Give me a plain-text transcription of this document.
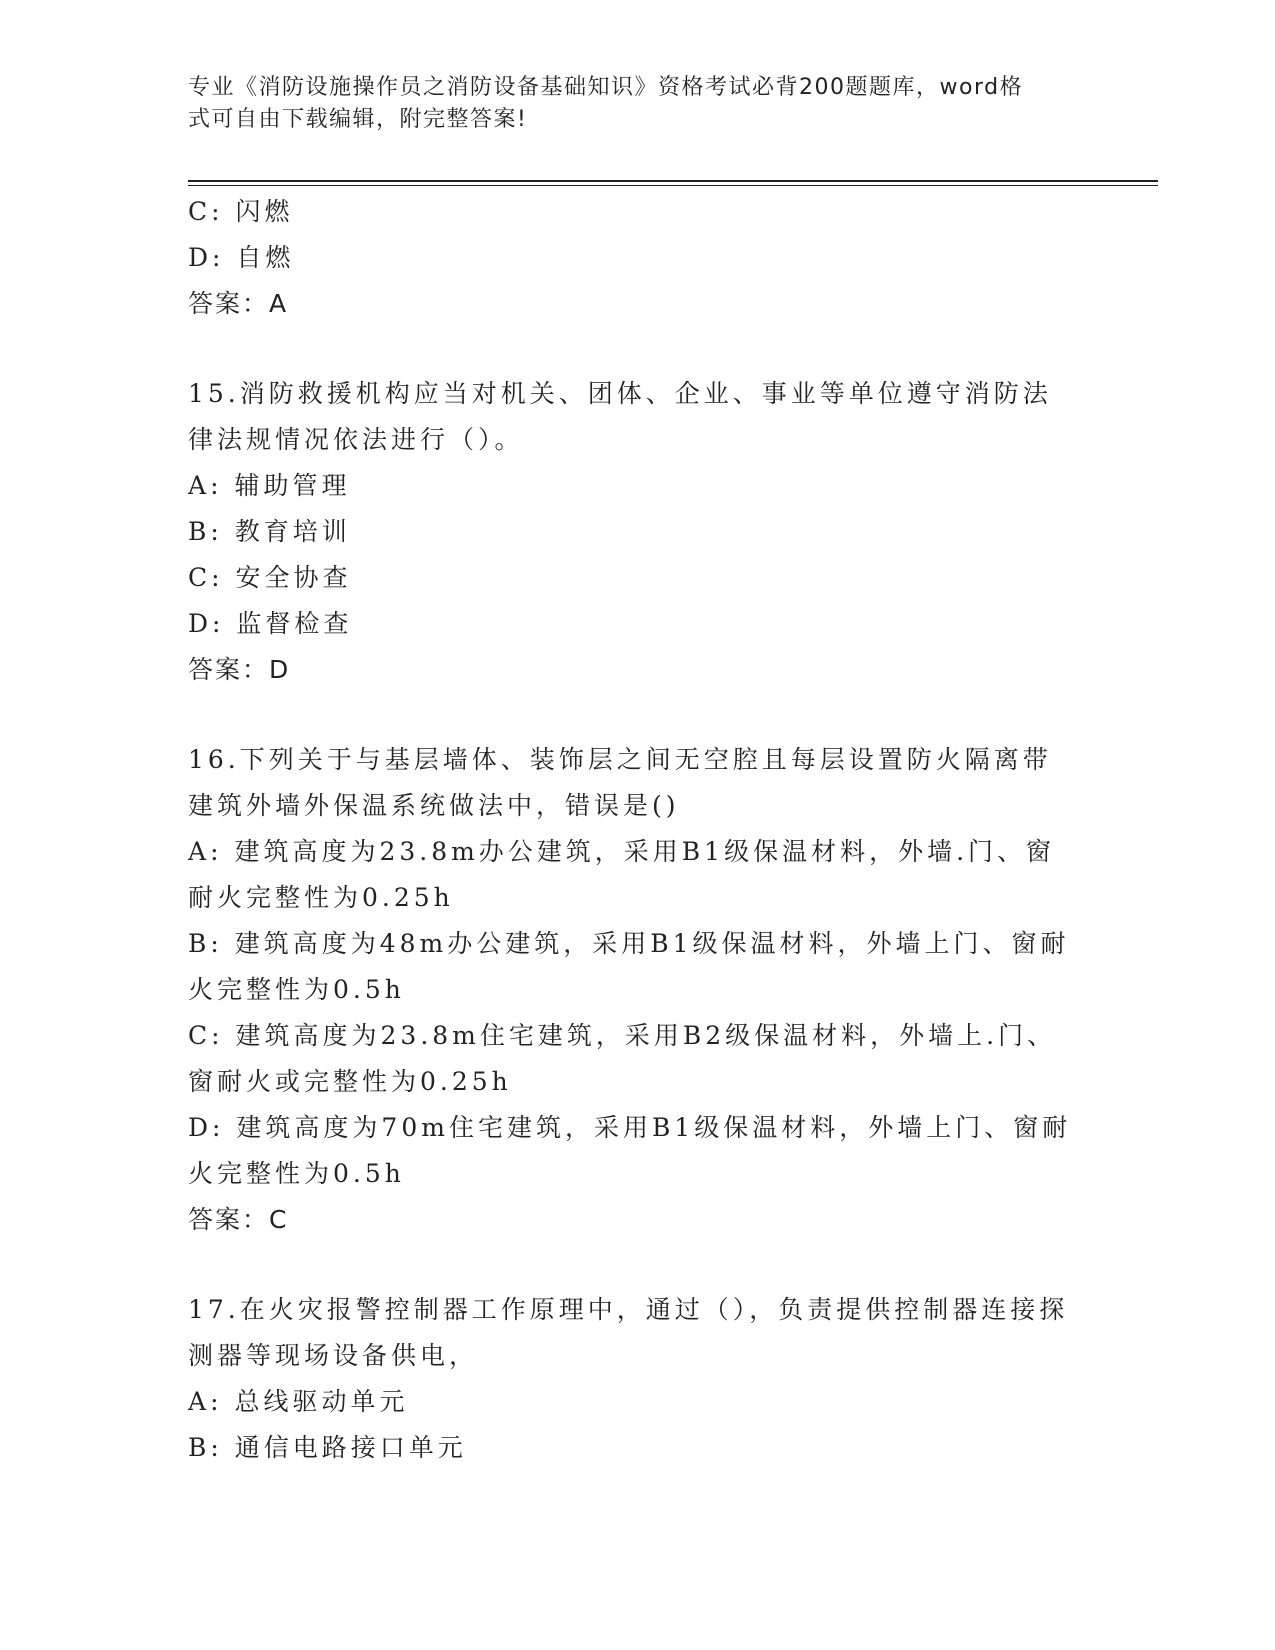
专业《消防设施操作员之消防设备基础知识》资格考试必背200题题库，word格
式可自由下载编辑，附完整答案!
C: 闪燃
D: 自燃
答案：A
15.消防救援机构应当对机关、团体、企业、事业等单位遵守消防法律法规情况依法进行（）。
A: 辅助管理
B: 教育培训
C: 安全协查
D: 监督检查
答案：D
16.下列关于与基层墙体、装饰层之间无空腔且每层设置防火隔离带建筑外墙外保温系统做法中，错误是()
A: 建筑高度为23.8m办公建筑，采用B1级保温材料，外墙.门、窗耐火完整性为0.25h
B: 建筑高度为48m办公建筑，采用B1级保温材料，外墙上门、窗耐火完整性为0.5h
C: 建筑高度为23.8m住宅建筑，采用B2级保温材料，外墙上.门、窗耐火或完整性为0.25h
D: 建筑高度为70m住宅建筑，采用B1级保温材料，外墙上门、窗耐火完整性为0.5h
答案：C
17.在火灾报警控制器工作原理中，通过（），负责提供控制器连接探测器等现场设备供电，
A: 总线驱动单元
B: 通信电路接口单元
